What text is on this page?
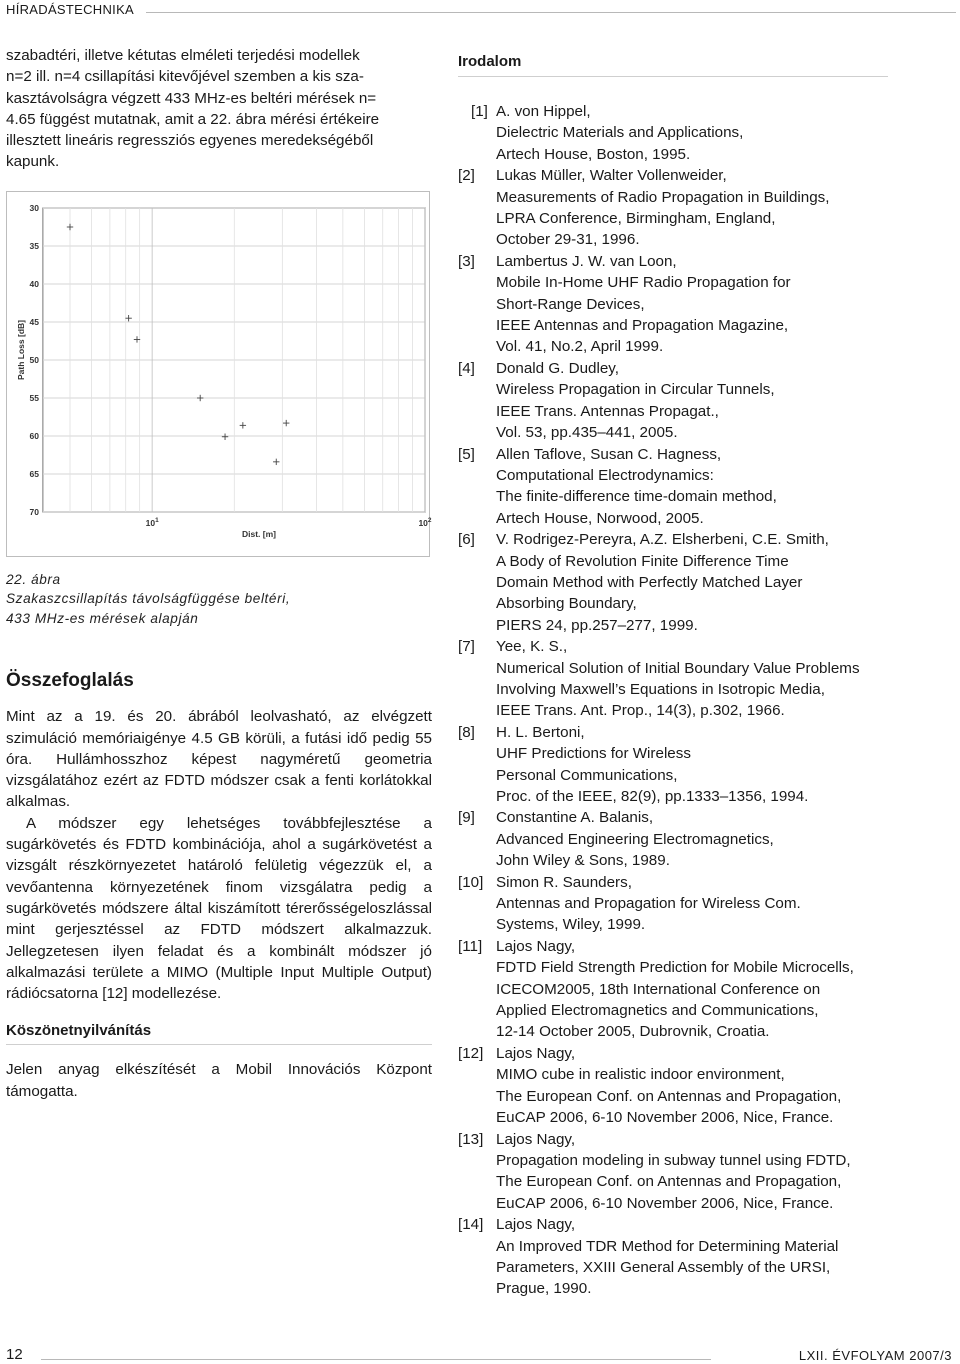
HÍRADÁSTECHNIKA
szabadtéri, illetve kétutas elméleti terjedési modellek
n=2 ill. n=4 csillapítási kitevőjével szemben a kis sza-
kasztávolságra végzett 433 MHz-es beltéri mérések n=
4.65 függést mutatnak, amit a 22. ábra mérési értékeire
illesztett lineáris regressziós egyenes meredekségéből
kapunk.
30
35
40
45
50
55
60
65
70
$10^1$	$10^2$
Dist. [m]
Path Loss [dB]
22. ábra
Szakaszcsillapítás távolságfüggése beltéri,
433 MHz-es mérések alapján
Összefoglalás

Mint az a 19. és 20. ábrából leolvasható, az elvégzett szimuláció memóriaigénye 4.5 GB körüli, a futási idő pedig 55 óra. Hullámhosszhoz képest nagyméretű geometria vizsgálatához ezért az FDTD módszer csak a fenti korlátokkal alkalmas.

A módszer egy lehetséges továbbfejlesztése a sugárkövetés és FDTD kombinációja, ahol a sugárkövetést a vizsgált részkörnyezetet határoló felületig végezzük el, a vevőantenna környezetének finom vizsgálatra pedig a sugárkövetés módszere által kiszámított térerősségeloszlással mint gerjesztéssel az FDTD módszert alkalmazzuk. Jellegzetesen ilyen feladat és a kombinált módszer jó alkalmazási területe a MIMO (Multiple Input Multiple Output) rádiócsatorna [12] modellezése.

Köszönetnyilvánítás

Jelen anyag elkészítését a Mobil Innovációs Központ támogatta.

Irodalom
[1] A. von Hippel,
Dielectric Materials and Applications,
Artech House, Boston, 1995.
[2]	Lukas Müller, Walter Vollenweider,
Measurements of Radio Propagation in Buildings,
LPRA Conference, Birmingham, England,
October 29-31, 1996.
[3]	Lambertus J. W. van Loon,
Mobile In-Home UHF Radio Propagation for
Short-Range Devices,
IEEE Antennas and Propagation Magazine,
Vol. 41, No.2, April 1999.
[4]	Donald G. Dudley,
Wireless Propagation in Circular Tunnels,
IEEE Trans. Antennas Propagat.,
Vol. 53, pp.435–441, 2005.
[5]	Allen Taflove, Susan C. Hagness,
Computational Electrodynamics:
The finite-difference time-domain method,
Artech House, Norwood, 2005.
[6]	V. Rodrigez-Pereyra, A.Z. Elsherbeni, C.E. Smith,
A Body of Revolution Finite Difference Time
Domain Method with Perfectly Matched Layer
Absorbing Boundary,
PIERS 24, pp.257–277, 1999.
[7]	Yee, K. S.,
Numerical Solution of Initial Boundary Value Problems
Involving Maxwell’s Equations in Isotropic Media,
IEEE Trans. Ant. Prop., 14(3), p.302, 1966.
[8]	H. L. Bertoni,
UHF Predictions for Wireless
Personal Communications,
Proc. of the IEEE, 82(9), pp.1333–1356, 1994.
[9]	Constantine A. Balanis,
Advanced Engineering Electromagnetics,
John Wiley & Sons, 1989.
[10] Simon R. Saunders,
Antennas and Propagation for Wireless Com.
Systems, Wiley, 1999.
[11] Lajos Nagy,
FDTD Field Strength Prediction for Mobile Microcells,
ICECOM2005, 18th International Conference on
Applied Electromagnetics and Communications,
12-14 October 2005, Dubrovnik, Croatia.
[12] Lajos Nagy,
MIMO cube in realistic indoor environment,
The European Conf. on Antennas and Propagation,
EuCAP 2006, 6-10 November 2006, Nice, France.
[13] Lajos Nagy,
Propagation modeling in subway tunnel using FDTD,
The European Conf. on Antennas and Propagation,
EuCAP 2006, 6-10 November 2006, Nice, France.
[14] Lajos Nagy,
An Improved TDR Method for Determining Material
Parameters, XXIII General Assembly of the URSI,
Prague, 1990.
12	LXII. ÉVFOLYAM 2007/3
